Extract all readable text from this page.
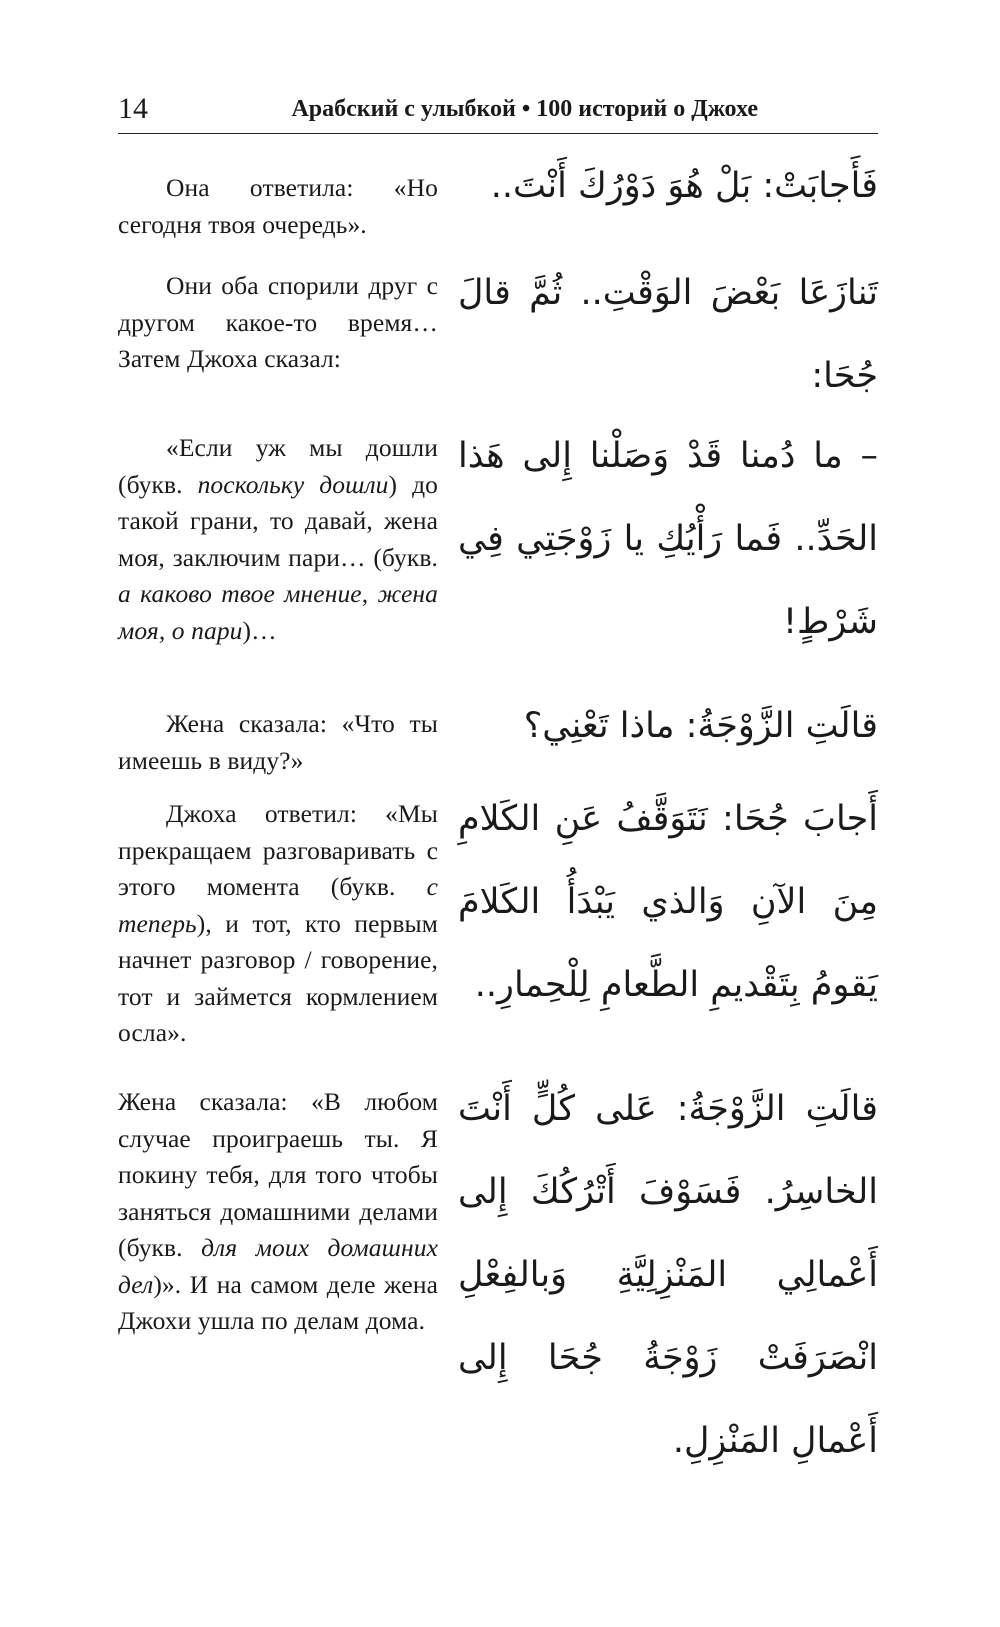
14	Арабский с улыбкой • 100 историй о Джохе

Она ответила: «Но сегодня твоя очередь».

Они оба спорили друг с другом какое-то время… Затем Джоха сказал:

«Если уж мы дошли (букв. поскольку дошли) до такой грани, то давай, жена моя, заключим пари… (букв. а каково твое мнение, жена моя, о пари)…

Жена сказала: «Что ты имеешь в виду?»

Джоха ответил: «Мы прекращаем разговаривать с этого момента (букв. с теперь), и тот, кто первым начнет разговор / говорение, тот и займется кормлением осла».

Жена сказала: «В любом случае проиграешь ты. Я покину тебя, для того чтобы заняться домашними делами (букв. для моих домашних дел)». И на самом деле жена Джохи ушла по делам дома.

فَأَجابَتْ: بَلْ هُوَ دَوْرُكَ أَنْتَ..

تَنازَعَا بَعْضَ الوَقْتِ.. ثُمَّ قالَ جُحَا:

– ما دُمنا قَدْ وَصَلْنا إِلى هَذا الحَدِّ.. فَما رَأْيُكِ يا زَوْجَتِي فِي شَرْطٍ!

قالَتِ الزَّوْجَةُ: ماذا تَعْنِي؟

أَجابَ جُحَا: نَتَوَقَّفُ عَنِ الكَلامِ مِنَ الآنِ وَالذي يَبْدَأُ الكَلامَ يَقومُ بِتَقْديمِ الطَّعامِ لِلْحِمارِ..

قالَتِ الزَّوْجَةُ: عَلى كُلٍّ أَنْتَ الخاسِرُ. فَسَوْفَ أَتْرُكُكَ إِلى أَعْمالِي المَنْزِلِيَّةِ وَبالفِعْلِ انْصَرَفَتْ زَوْجَةُ جُحَا إِلى أَعْمالِ المَنْزِلِ.
